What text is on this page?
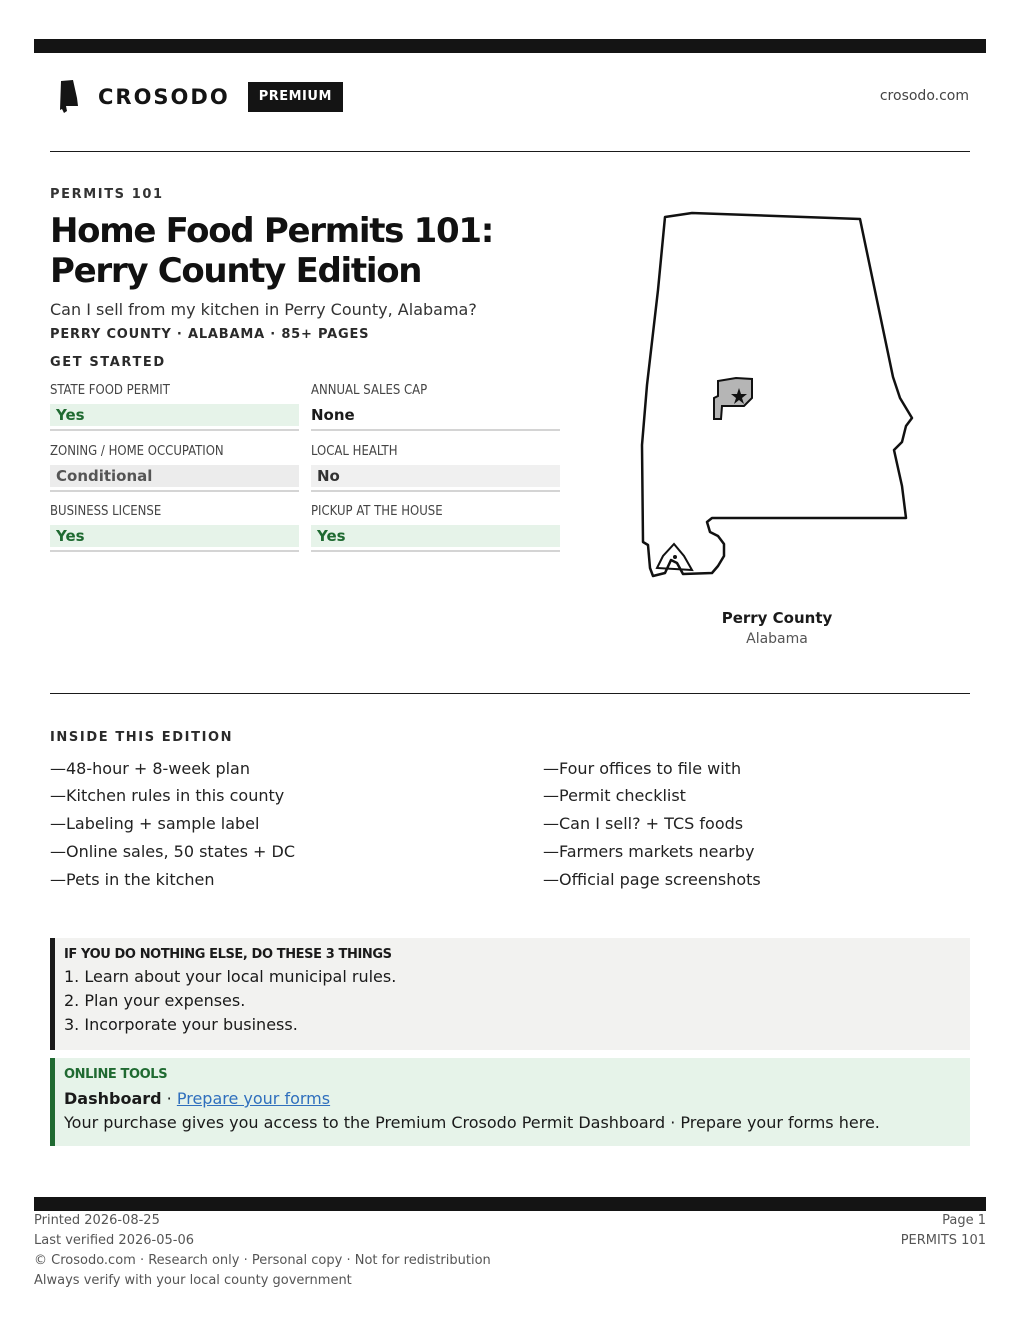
CROSODO	PREMIUM	crosodo.com
PERMITS 101
Home Food Permits 101: Perry County Edition
Can I sell from my kitchen in Perry County, Alabama?
PERRY COUNTY · ALABAMA · 85+ PAGES
GET STARTED
STATE FOOD PERMIT
Yes
ANNUAL SALES CAP
None
ZONING / HOME OCCUPATION
Conditional
LOCAL HEALTH
No
BUSINESS LICENSE
Yes
PICKUP AT THE HOUSE
Yes
Perry County
Alabama
INSIDE THIS EDITION
—48-hour + 8-week plan
—Kitchen rules in this county
—Labeling + sample label
—Online sales, 50 states + DC
—Pets in the kitchen
—Four offices to file with
—Permit checklist
—Can I sell? + TCS foods
—Farmers markets nearby
—Official page screenshots
IF YOU DO NOTHING ELSE, DO THESE 3 THINGS
1. Learn about your local municipal rules.
2. Plan your expenses.
3. Incorporate your business.
ONLINE TOOLS
Dashboard · Prepare your forms
Your purchase gives you access to the Premium Crosodo Permit Dashboard · Prepare your forms here.
Printed 2026-08-25
Last verified 2026-05-06
© Crosodo.com · Research only · Personal copy · Not for redistribution
Always verify with your local county government
Page 1
PERMITS 101
